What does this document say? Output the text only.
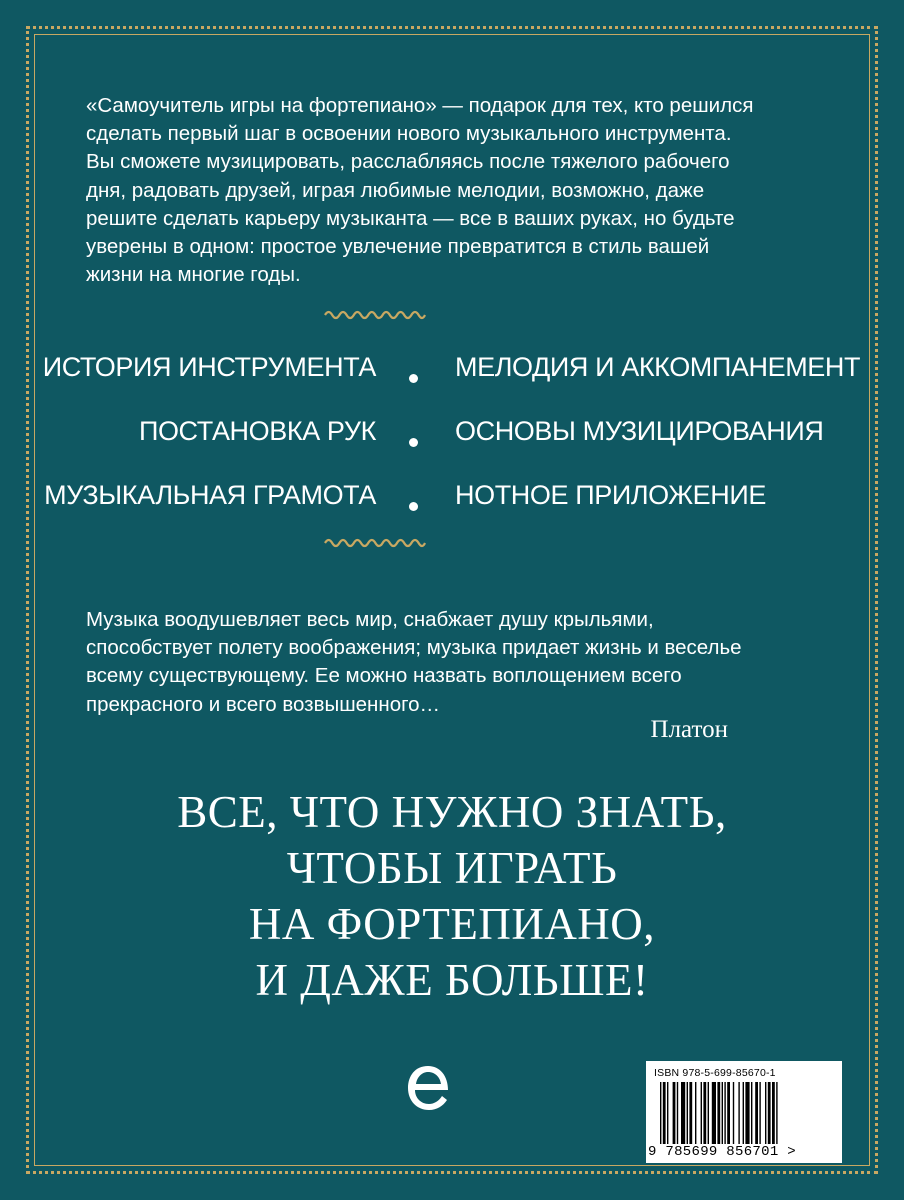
«Самоучитель игры на фортепиано» — подарок для тех, кто решился
сделать первый шаг в освоении нового музыкального инструмента.
Вы сможете музицировать, расслабляясь после тяжелого рабочего
дня, радовать друзей, играя любимые мелодии, возможно, даже
решите сделать карьеру музыканта — все в ваших руках, но будьте
уверены в одном: простое увлечение превратится в стиль вашей
жизни на многие годы.
ИСТОРИЯ ИНСТРУМЕНТА	МЕЛОДИЯ И АККОМПАНЕМЕНТ
ПОСТАНОВКА РУК	ОСНОВЫ МУЗИЦИРОВАНИЯ
МУЗЫКАЛЬНАЯ ГРАМОТА	НОТНОЕ ПРИЛОЖЕНИЕ
Музыка воодушевляет весь мир, снабжает душу крыльями,
способствует полету воображения; музыка придает жизнь и веселье
всему существующему. Ее можно назвать воплощением всего
прекрасного и всего возвышенного…
Платон
ВСЕ, ЧТО НУЖНО ЗНАТЬ,
ЧТОБЫ ИГРАТЬ
НА ФОРТЕПИАНО,
И ДАЖЕ БОЛЬШЕ!
ISBN 978-5-699-85670-1
9 785699 856701 >
